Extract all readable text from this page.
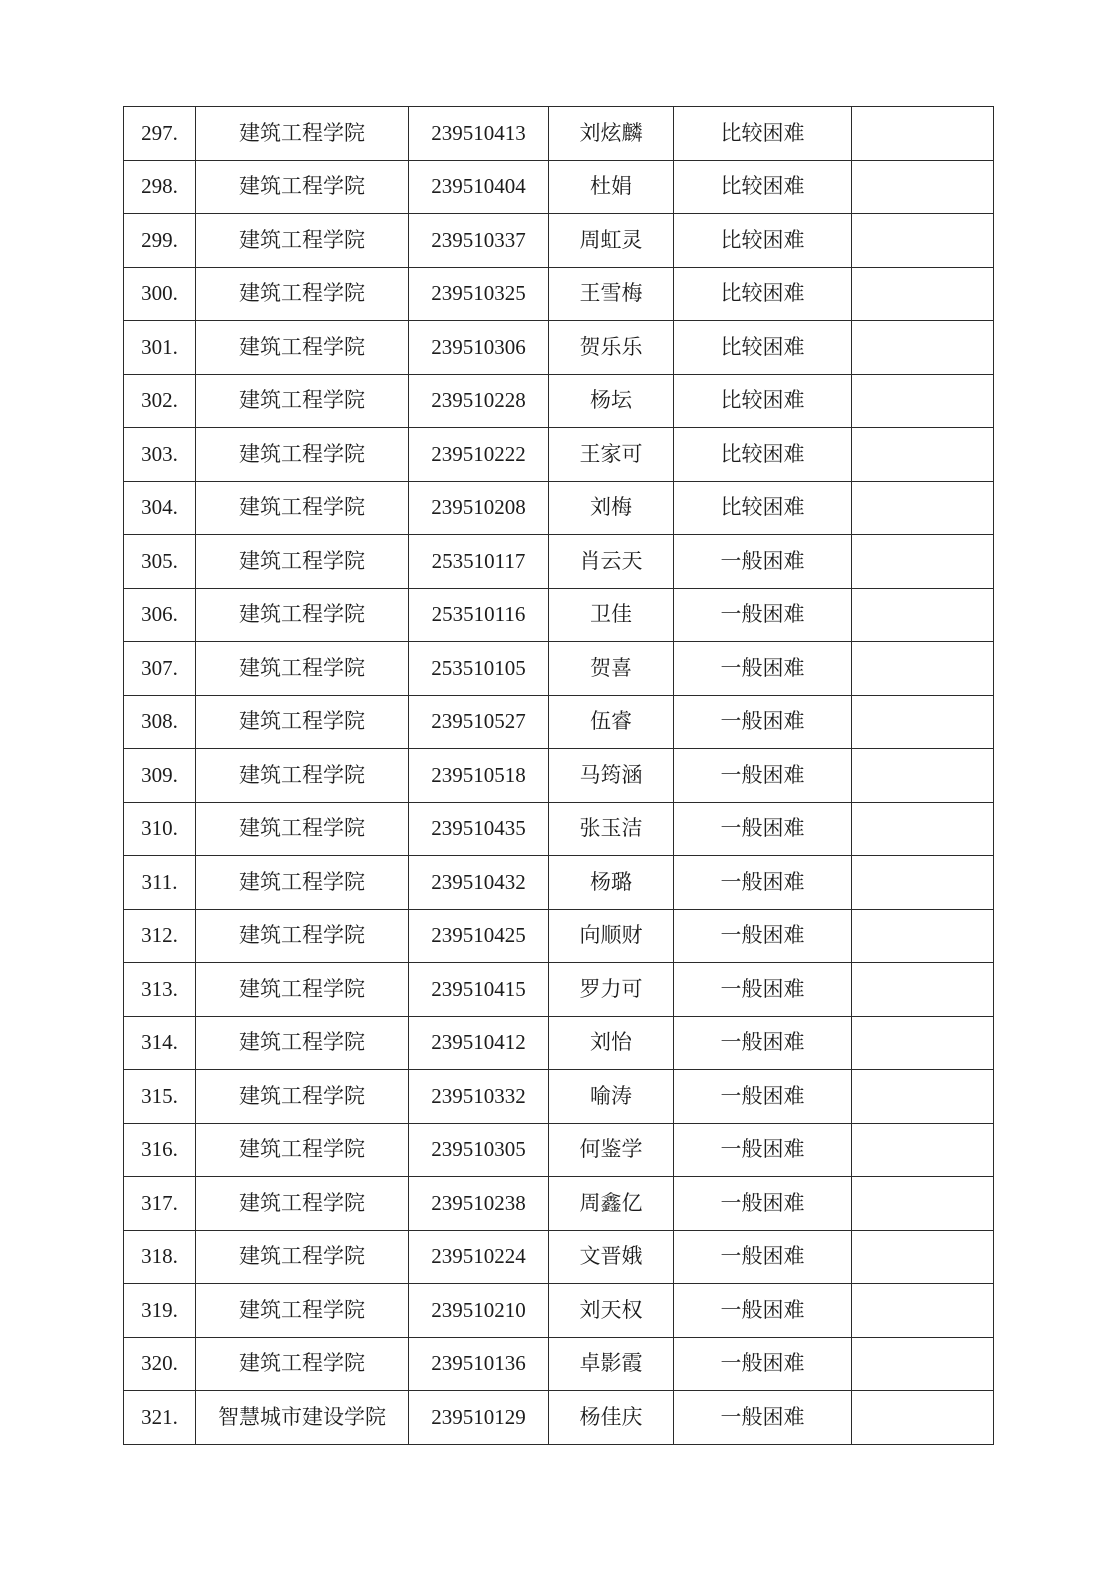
297.	建筑工程学院	239510413	刘炫麟	比较困难	
298.	建筑工程学院	239510404	杜娟	比较困难	
299.	建筑工程学院	239510337	周虹灵	比较困难	
300.	建筑工程学院	239510325	王雪梅	比较困难	
301.	建筑工程学院	239510306	贺乐乐	比较困难	
302.	建筑工程学院	239510228	杨坛	比较困难	
303.	建筑工程学院	239510222	王家可	比较困难	
304.	建筑工程学院	239510208	刘梅	比较困难	
305.	建筑工程学院	253510117	肖云天	一般困难	
306.	建筑工程学院	253510116	卫佳	一般困难	
307.	建筑工程学院	253510105	贺喜	一般困难	
308.	建筑工程学院	239510527	伍睿	一般困难	
309.	建筑工程学院	239510518	马筠涵	一般困难	
310.	建筑工程学院	239510435	张玉洁	一般困难	
311.	建筑工程学院	239510432	杨璐	一般困难	
312.	建筑工程学院	239510425	向顺财	一般困难	
313.	建筑工程学院	239510415	罗力可	一般困难	
314.	建筑工程学院	239510412	刘怡	一般困难	
315.	建筑工程学院	239510332	喻涛	一般困难	
316.	建筑工程学院	239510305	何鉴学	一般困难	
317.	建筑工程学院	239510238	周鑫亿	一般困难	
318.	建筑工程学院	239510224	文晋娥	一般困难	
319.	建筑工程学院	239510210	刘天权	一般困难	
320.	建筑工程学院	239510136	卓影霞	一般困难	
321.	智慧城市建设学院	239510129	杨佳庆	一般困难	
